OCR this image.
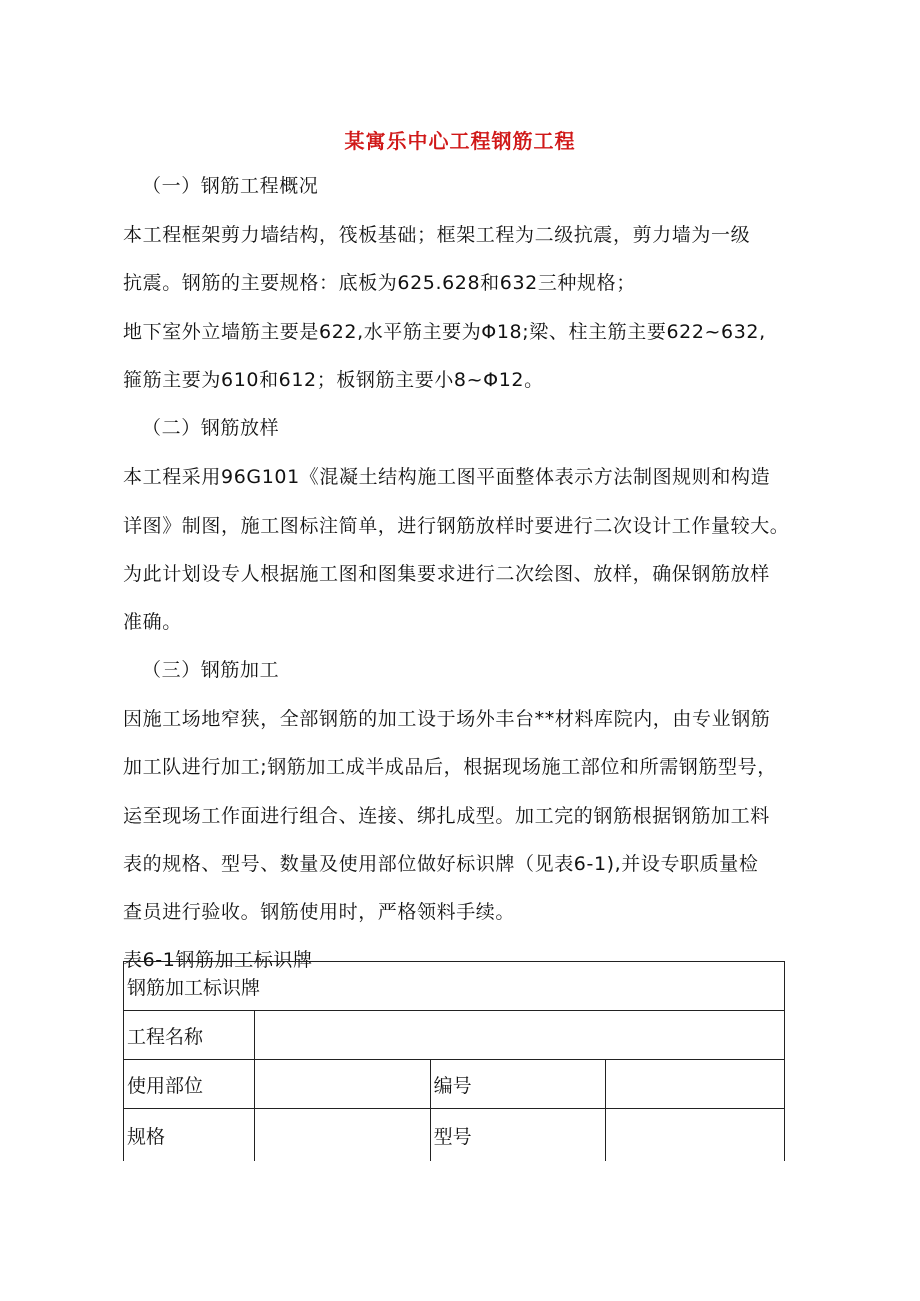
某寓乐中心工程钢筋工程
（一）钢筋工程概况
本工程框架剪力墙结构，筏板基础；框架工程为二级抗震，剪力墙为一级
抗震。钢筋的主要规格：底板为625.628和632三种规格；
地下室外立墙筋主要是622,水平筋主要为Φ18;梁、柱主筋主要622~632,
箍筋主要为610和612；板钢筋主要小8~Φ12。
（二）钢筋放样
本工程采用96G101《混凝土结构施工图平面整体表示方法制图规则和构造
详图》制图，施工图标注简单，进行钢筋放样时要进行二次设计工作量较大。
为此计划设专人根据施工图和图集要求进行二次绘图、放样，确保钢筋放样
准确。
（三）钢筋加工
因施工场地窄狭，全部钢筋的加工设于场外丰台**材料库院内，由专业钢筋
加工队进行加工;钢筋加工成半成品后，根据现场施工部位和所需钢筋型号，
运至现场工作面进行组合、连接、绑扎成型。加工完的钢筋根据钢筋加工料
表的规格、型号、数量及使用部位做好标识牌（见表6-1),并设专职质量检
查员进行验收。钢筋使用时，严格领料手续。
表6-1钢筋加工标识牌
钢筋加工标识牌			
工程名称			
使用部位		编号	
规格		型号	
